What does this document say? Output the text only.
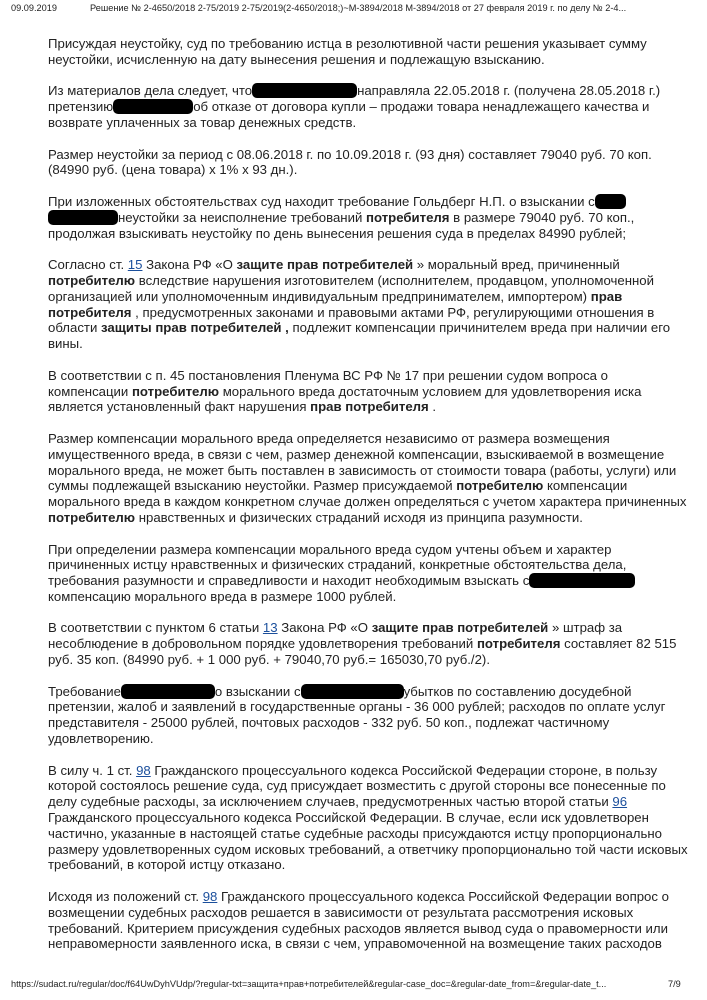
09.09.2019	Решение № 2-4650/2018 2-75/2019 2-75/2019(2-4650/2018;)~М-3894/2018 М-3894/2018 от 27 февраля 2019 г. по делу № 2-4...
Присуждая неустойку, суд по требованию истца в резолютивной части решения указывает сумму
неустойки, исчисленную на дату вынесения решения и подлежащую взысканию.
Из материалов дела следует, что	направляла 22.05.2018 г. (получена 28.05.2018 г.)
претензию	об отказе от договора купли – продажи товара ненадлежащего качества и
возврате уплаченных за товар денежных средств.
Размер неустойки за период с 08.06.2018 г. по 10.09.2018 г. (93 дня) составляет 79040 руб. 70 коп.
(84990 руб. (цена товара) х 1% х 93 дн.).
При изложенных обстоятельствах суд находит требование Гольдберг Н.П. о взыскании с
неустойки за неисполнение требований потребителя в размере 79040 руб. 70 коп.,
продолжая взыскивать неустойку по день вынесения решения суда в пределах 84990 рублей;
Согласно ст. 15 Закона РФ «О защите прав потребителей » моральный вред, причиненный
потребителю вследствие нарушения изготовителем (исполнителем, продавцом, уполномоченной
организацией или уполномоченным индивидуальным предпринимателем, импортером) прав
потребителя , предусмотренных законами и правовыми актами РФ, регулирующими отношения в
области защиты прав потребителей , подлежит компенсации причинителем вреда при наличии его
вины.
В соответствии с п. 45 постановления Пленума ВС РФ № 17 при решении судом вопроса о
компенсации потребителю морального вреда достаточным условием для удовлетворения иска
является установленный факт нарушения прав потребителя .
Размер компенсации морального вреда определяется независимо от размера возмещения
имущественного вреда, в связи с чем, размер денежной компенсации, взыскиваемой в возмещение
морального вреда, не может быть поставлен в зависимость от стоимости товара (работы, услуги) или
суммы подлежащей взысканию неустойки. Размер присуждаемой потребителю компенсации
морального вреда в каждом конкретном случае должен определяться с учетом характера причиненных
потребителю нравственных и физических страданий исходя из принципа разумности.
При определении размера компенсации морального вреда судом учтены объем и характер
причиненных истцу нравственных и физических страданий, конкретные обстоятельства дела,
требования разумности и справедливости и находит необходимым взыскать с
компенсацию морального вреда в размере 1000 рублей.
В соответствии с пунктом 6 статьи 13 Закона РФ «О защите прав потребителей » штраф за
несоблюдение в добровольном порядке удовлетворения требований потребителя составляет 82 515
руб. 35 коп. (84990 руб. + 1 000 руб. + 79040,70 руб.= 165030,70 руб./2).
Требование	о взыскании с	убытков по составлению досудебной
претензии, жалоб и заявлений в государственные органы - 36 000 рублей; расходов по оплате услуг
представителя - 25000 рублей, почтовых расходов - 332 руб. 50 коп., подлежат частичному
удовлетворению.
В силу ч. 1 ст. 98 Гражданского процессуального кодекса Российской Федерации стороне, в пользу
которой состоялось решение суда, суд присуждает возместить с другой стороны все понесенные по
делу судебные расходы, за исключением случаев, предусмотренных частью второй статьи 96
Гражданского процессуального кодекса Российской Федерации. В случае, если иск удовлетворен
частично, указанные в настоящей статье судебные расходы присуждаются истцу пропорционально
размеру удовлетворенных судом исковых требований, а ответчику пропорционально той части исковых
требований, в которой истцу отказано.
Исходя из положений ст. 98 Гражданского процессуального кодекса Российской Федерации вопрос о
возмещении судебных расходов решается в зависимости от результата рассмотрения исковых
требований. Критерием присуждения судебных расходов является вывод суда о правомерности или
неправомерности заявленного иска, в связи с чем, управомоченной на возмещение таких расходов
https://sudact.ru/regular/doc/f64UwDyhVUdp/?regular-txt=защита+прав+потребителей&regular-case_doc=&regular-date_from=&regular-date_t...	7/9
